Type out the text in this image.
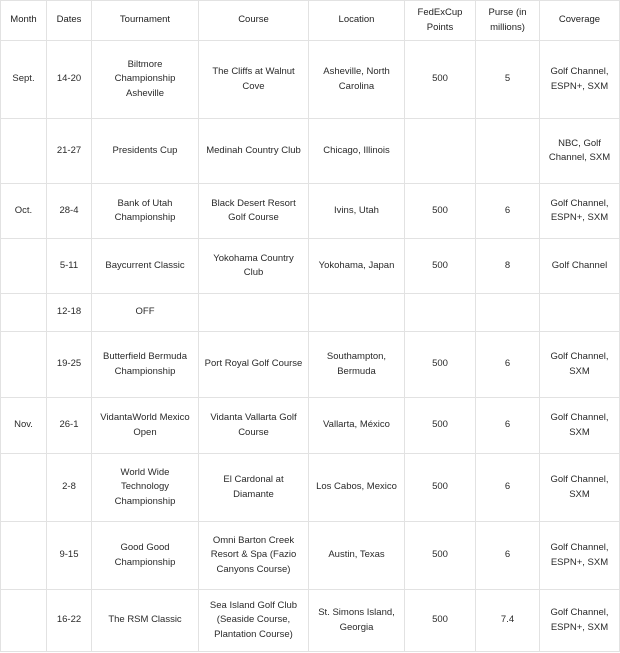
Month	Dates	Tournament	Course	Location	FedExCup Points	Purse (in millions)	Coverage
Sept.	14-20	Biltmore Championship Asheville	The Cliffs at Walnut Cove	Asheville, North Carolina	500	5	Golf Channel, ESPN+, SXM
	21-27	Presidents Cup	Medinah Country Club	Chicago, Illinois			NBC, Golf Channel, SXM
Oct.	28-4	Bank of Utah Championship	Black Desert Resort Golf Course	Ivins, Utah	500	6	Golf Channel, ESPN+, SXM
	5-11	Baycurrent Classic	Yokohama Country Club	Yokohama, Japan	500	8	Golf Channel
	12-18	OFF					
	19-25	Butterfield Bermuda Championship	Port Royal Golf Course	Southampton, Bermuda	500	6	Golf Channel, SXM
Nov.	26-1	VidantaWorld Mexico Open	Vidanta Vallarta Golf Course	Vallarta, México	500	6	Golf Channel, SXM
	2-8	World Wide Technology Championship	El Cardonal at Diamante	Los Cabos, Mexico	500	6	Golf Channel, SXM
	9-15	Good Good Championship	Omni Barton Creek Resort & Spa (Fazio Canyons Course)	Austin, Texas	500	6	Golf Channel, ESPN+, SXM
	16-22	The RSM Classic	Sea Island Golf Club (Seaside Course, Plantation Course)	St. Simons Island, Georgia	500	7.4	Golf Channel, ESPN+, SXM
